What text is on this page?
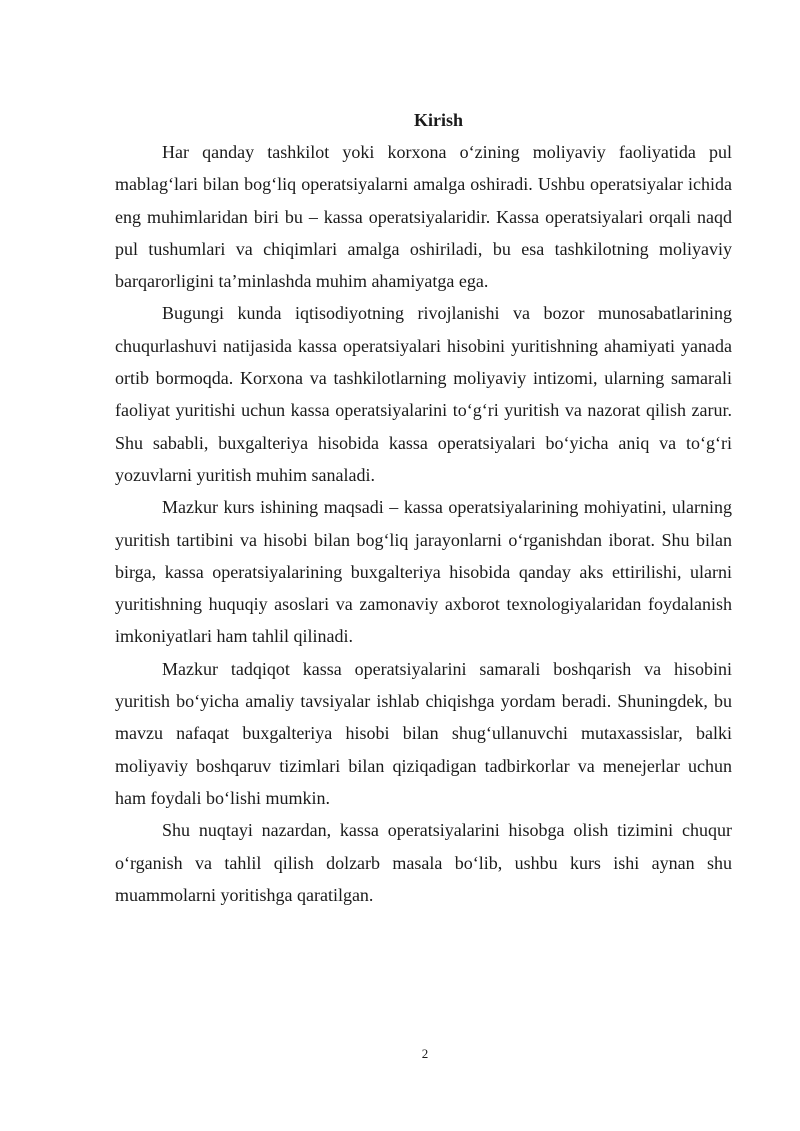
Kirish

Har qanday tashkilot yoki korxona o‘zining moliyaviy faoliyatida pul mablag‘lari bilan bog‘liq operatsiyalarni amalga oshiradi. Ushbu operatsiyalar ichida eng muhimlaridan biri bu – kassa operatsiyalaridir. Kassa operatsiyalari orqali naqd pul tushumlari va chiqimlari amalga oshiriladi, bu esa tashkilotning moliyaviy barqarorligini ta’minlashda muhim ahamiyatga ega.

Bugungi kunda iqtisodiyotning rivojlanishi va bozor munosabatlarining chuqurlashuvi natijasida kassa operatsiyalari hisobini yuritishning ahamiyati yanada ortib bormoqda. Korxona va tashkilotlarning moliyaviy intizomi, ularning samarali faoliyat yuritishi uchun kassa operatsiyalarini to‘g‘ri yuritish va nazorat qilish zarur. Shu sababli, buxgalteriya hisobida kassa operatsiyalari bo‘yicha aniq va to‘g‘ri yozuvlarni yuritish muhim sanaladi.

Mazkur kurs ishining maqsadi – kassa operatsiyalarining mohiyatini, ularning yuritish tartibini va hisobi bilan bog‘liq jarayonlarni o‘rganishdan iborat. Shu bilan birga, kassa operatsiyalarining buxgalteriya hisobida qanday aks ettirilishi, ularni yuritishning huquqiy asoslari va zamonaviy axborot texnologiyalaridan foydalanish imkoniyatlari ham tahlil qilinadi.

Mazkur tadqiqot kassa operatsiyalarini samarali boshqarish va hisobini yuritish bo‘yicha amaliy tavsiyalar ishlab chiqishga yordam beradi. Shuningdek, bu mavzu nafaqat buxgalteriya hisobi bilan shug‘ullanuvchi mutaxassislar, balki moliyaviy boshqaruv tizimlari bilan qiziqadigan tadbirkorlar va menejerlar uchun ham foydali bo‘lishi mumkin.

Shu nuqtayi nazardan, kassa operatsiyalarini hisobga olish tizimini chuqur o‘rganish va tahlil qilish dolzarb masala bo‘lib, ushbu kurs ishi aynan shu muammolarni yoritishga qaratilgan.

2
